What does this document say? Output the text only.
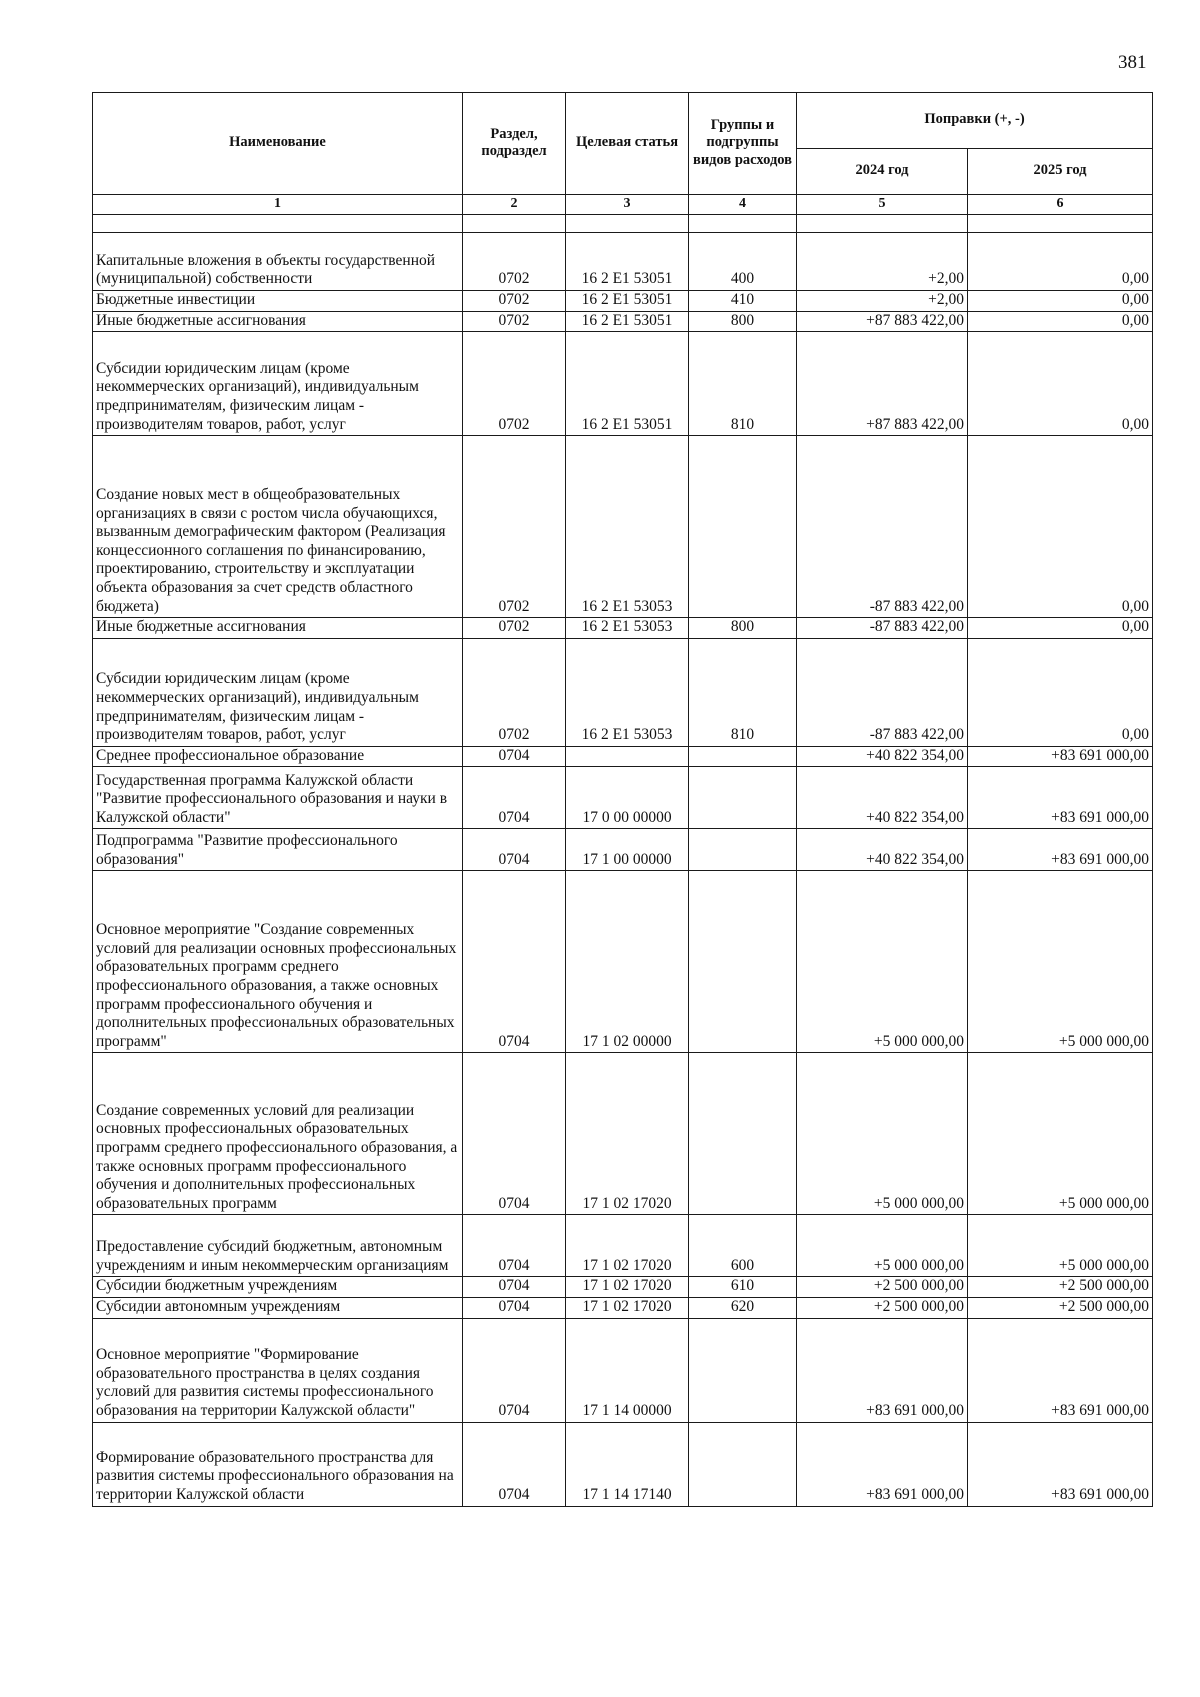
381
Наименование	Раздел, подраздел	Целевая статья	Группы и подгруппы видов расходов	Поправки (+, -)	
				2024 год	2025 год
1	2	3	4	5	6

Капитальные вложения в объекты государственной (муниципальной) собственности	0702	16 2 E1 53051	400	+2,00	0,00
Бюджетные инвестиции	0702	16 2 E1 53051	410	+2,00	0,00
Иные бюджетные ассигнования	0702	16 2 E1 53051	800	+87 883 422,00	0,00
Субсидии юридическим лицам (кроме некоммерческих организаций), индивидуальным предпринимателям, физическим лицам - производителям товаров, работ, услуг	0702	16 2 E1 53051	810	+87 883 422,00	0,00
Создание новых мест в общеобразовательных организациях в связи с ростом числа обучающихся, вызванным демографическим фактором (Реализация концессионного соглашения по финансированию, проектированию, строительству и эксплуатации объекта образования за счет средств областного бюджета)	0702	16 2 E1 53053		-87 883 422,00	0,00
Иные бюджетные ассигнования	0702	16 2 E1 53053	800	-87 883 422,00	0,00
Субсидии юридическим лицам (кроме некоммерческих организаций), индивидуальным предпринимателям, физическим лицам - производителям товаров, работ, услуг	0702	16 2 E1 53053	810	-87 883 422,00	0,00
Среднее профессиональное образование	0704			+40 822 354,00	+83 691 000,00
Государственная программа Калужской области "Развитие профессионального образования и науки в Калужской области"	0704	17 0 00 00000		+40 822 354,00	+83 691 000,00
Подпрограмма "Развитие профессионального образования"	0704	17 1 00 00000		+40 822 354,00	+83 691 000,00
Основное мероприятие "Создание современных условий для реализации основных профессиональных образовательных программ среднего профессионального образования, а также основных программ профессионального обучения и дополнительных профессиональных образовательных программ"	0704	17 1 02 00000		+5 000 000,00	+5 000 000,00
Создание современных условий для реализации основных профессиональных образовательных программ среднего профессионального образования, а также основных программ профессионального обучения и дополнительных профессиональных образовательных программ	0704	17 1 02 17020		+5 000 000,00	+5 000 000,00
Предоставление субсидий бюджетным, автономным учреждениям и иным некоммерческим организациям	0704	17 1 02 17020	600	+5 000 000,00	+5 000 000,00
Субсидии бюджетным учреждениям	0704	17 1 02 17020	610	+2 500 000,00	+2 500 000,00
Субсидии автономным учреждениям	0704	17 1 02 17020	620	+2 500 000,00	+2 500 000,00
Основное мероприятие "Формирование образовательного пространства в целях создания условий для развития системы профессионального образования на территории Калужской области"	0704	17 1 14 00000		+83 691 000,00	+83 691 000,00
Формирование образовательного пространства для развития системы профессионального образования на территории Калужской области	0704	17 1 14 17140		+83 691 000,00	+83 691 000,00
